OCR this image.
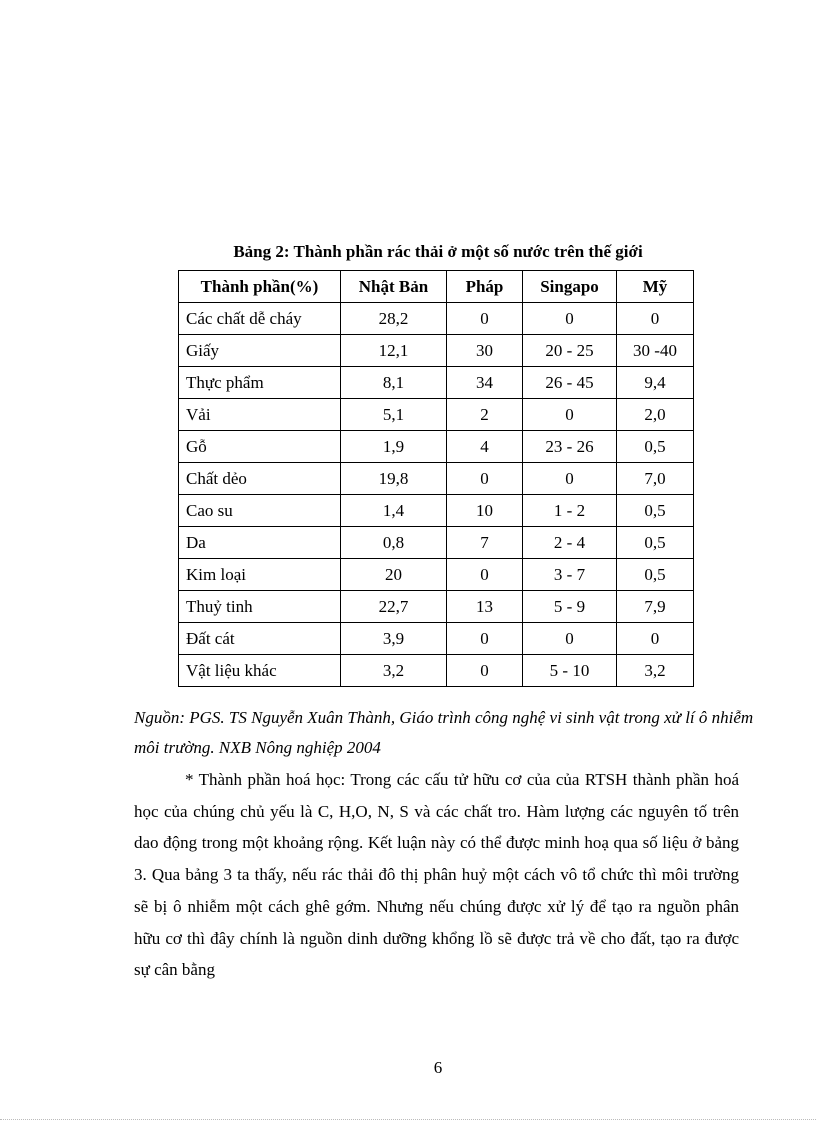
Bảng 2: Thành phần rác thải ở một số nước trên thế giới
Thành phần(%)	Nhật Bản	Pháp	Singapo	Mỹ
Các chất dễ cháy	28,2	0	0	0
Giấy	12,1	30	20 - 25	30 -40
Thực phẩm	8,1	34	26 - 45	9,4
Vải	5,1	2	0	2,0
Gỗ	1,9	4	23 - 26	0,5
Chất dẻo	19,8	0	0	7,0
Cao su	1,4	10	1 - 2	0,5
Da	0,8	7	2 - 4	0,5
Kim loại	20	0	3 - 7	0,5
Thuỷ tinh	22,7	13	5 - 9	7,9
Đất cát	3,9	0	0	0
Vật liệu khác	3,2	0	5 - 10	3,2
Nguồn: PGS. TS Nguyễn Xuân Thành, Giáo trình công nghệ vi sinh vật trong xử lí ô nhiễm môi trường. NXB Nông nghiệp 2004

* Thành phần hoá học: Trong các cấu tử hữu cơ của của RTSH thành phần hoá học của chúng chủ yếu là C, H,O, N, S và các chất tro. Hàm lượng các nguyên tố trên dao động trong một khoảng rộng. Kết luận này có thể được minh hoạ qua số liệu ở bảng 3. Qua bảng 3 ta thấy, nếu rác thải đô thị phân huỷ một cách vô tổ chức thì môi trường sẽ bị ô nhiễm một cách ghê gớm. Nhưng nếu chúng được xử lý để tạo ra nguồn phân hữu cơ thì đây chính là nguồn dinh dưỡng khổng lồ sẽ được trả về cho đất, tạo ra được sự cân bằng

6
